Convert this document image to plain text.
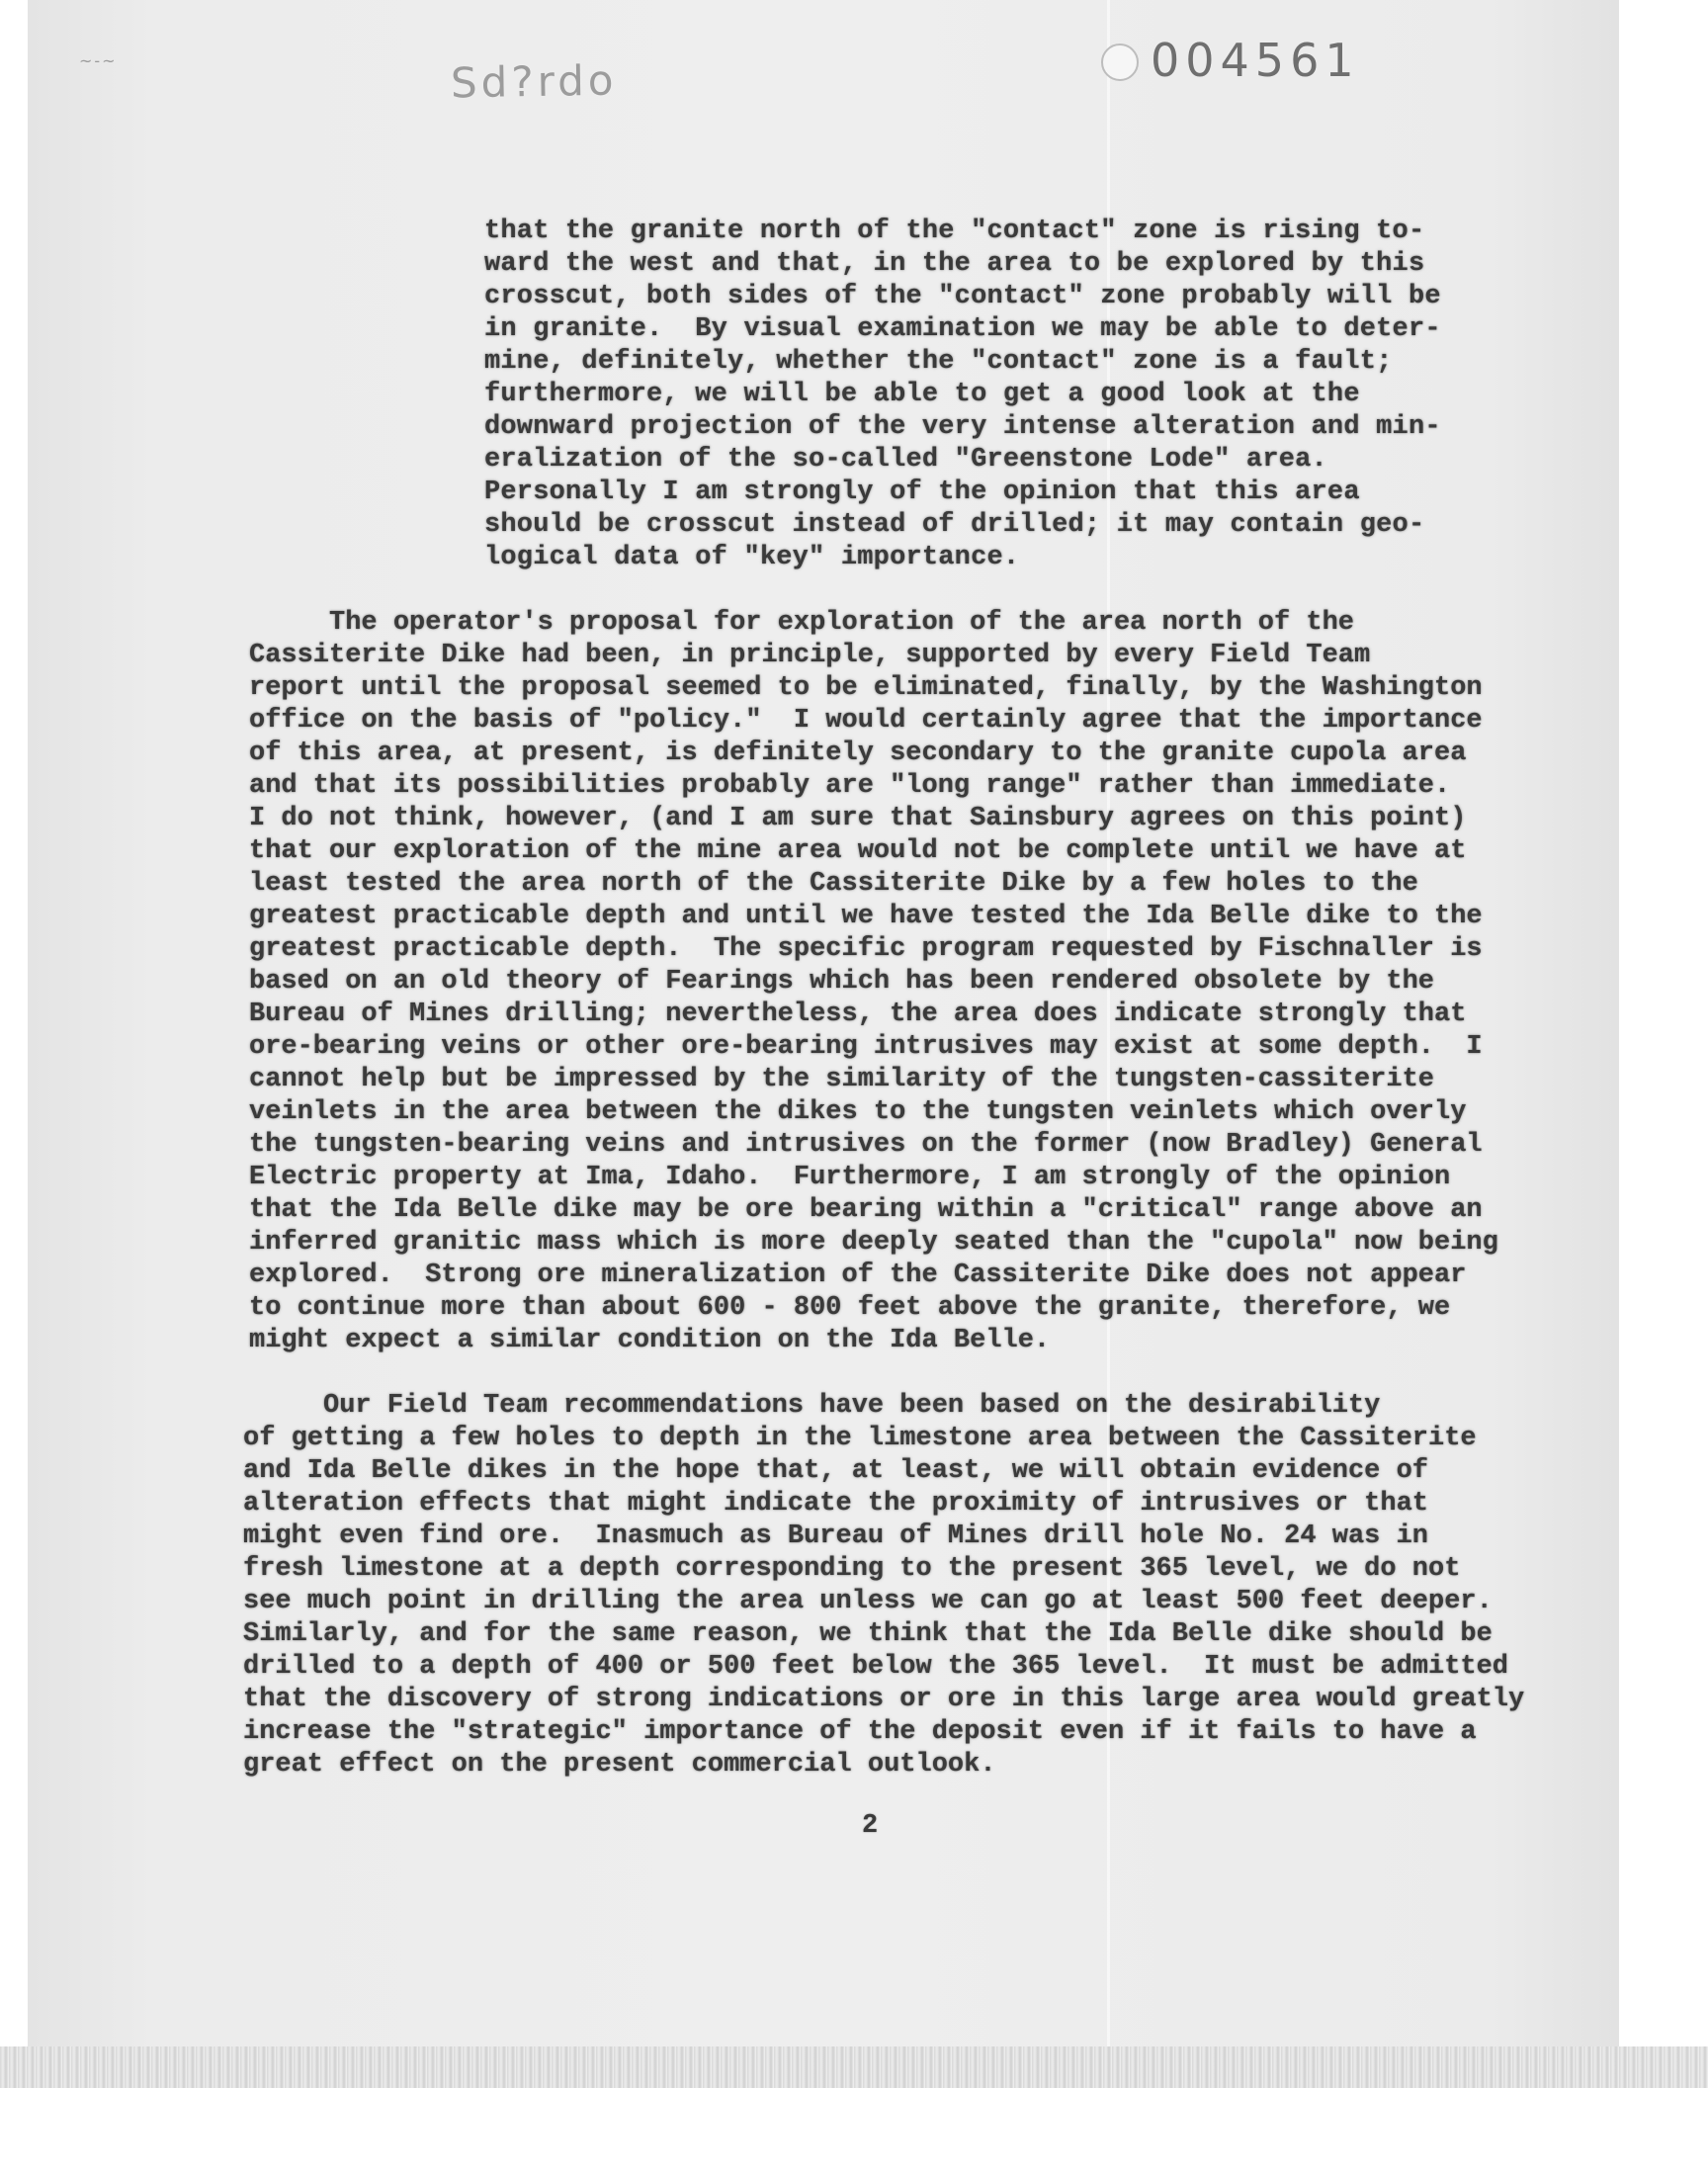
~-~	Sd?rdo	004561
that the granite north of the "contact" zone is rising to-
ward the west and that, in the area to be explored by this
crosscut, both sides of the "contact" zone probably will be
in granite.  By visual examination we may be able to deter-
mine, definitely, whether the "contact" zone is a fault;
furthermore, we will be able to get a good look at the
downward projection of the very intense alteration and min-
eralization of the so-called "Greenstone Lode" area.
Personally I am strongly of the opinion that this area
should be crosscut instead of drilled; it may contain geo-
logical data of "key" importance.
The operator's proposal for exploration of the area north of the
Cassiterite Dike had been, in principle, supported by every Field Team
report until the proposal seemed to be eliminated, finally, by the Washington
office on the basis of "policy."  I would certainly agree that the importance
of this area, at present, is definitely secondary to the granite cupola area
and that its possibilities probably are "long range" rather than immediate.
I do not think, however, (and I am sure that Sainsbury agrees on this point)
that our exploration of the mine area would not be complete until we have at
least tested the area north of the Cassiterite Dike by a few holes to the
greatest practicable depth and until we have tested the Ida Belle dike to the
greatest practicable depth.  The specific program requested by Fischnaller is
based on an old theory of Fearings which has been rendered obsolete by the
Bureau of Mines drilling; nevertheless, the area does indicate strongly that
ore-bearing veins or other ore-bearing intrusives may exist at some depth.  I
cannot help but be impressed by the similarity of the tungsten-cassiterite
veinlets in the area between the dikes to the tungsten veinlets which overly
the tungsten-bearing veins and intrusives on the former (now Bradley) General
Electric property at Ima, Idaho.  Furthermore, I am strongly of the opinion
that the Ida Belle dike may be ore bearing within a "critical" range above an
inferred granitic mass which is more deeply seated than the "cupola" now being
explored.  Strong ore mineralization of the Cassiterite Dike does not appear
to continue more than about 600 - 800 feet above the granite, therefore, we
might expect a similar condition on the Ida Belle.
Our Field Team recommendations have been based on the desirability
of getting a few holes to depth in the limestone area between the Cassiterite
and Ida Belle dikes in the hope that, at least, we will obtain evidence of
alteration effects that might indicate the proximity of intrusives or that
might even find ore.  Inasmuch as Bureau of Mines drill hole No. 24 was in
fresh limestone at a depth corresponding to the present 365 level, we do not
see much point in drilling the area unless we can go at least 500 feet deeper.
Similarly, and for the same reason, we think that the Ida Belle dike should be
drilled to a depth of 400 or 500 feet below the 365 level.  It must be admitted
that the discovery of strong indications or ore in this large area would greatly
increase the "strategic" importance of the deposit even if it fails to have a
great effect on the present commercial outlook.
2
